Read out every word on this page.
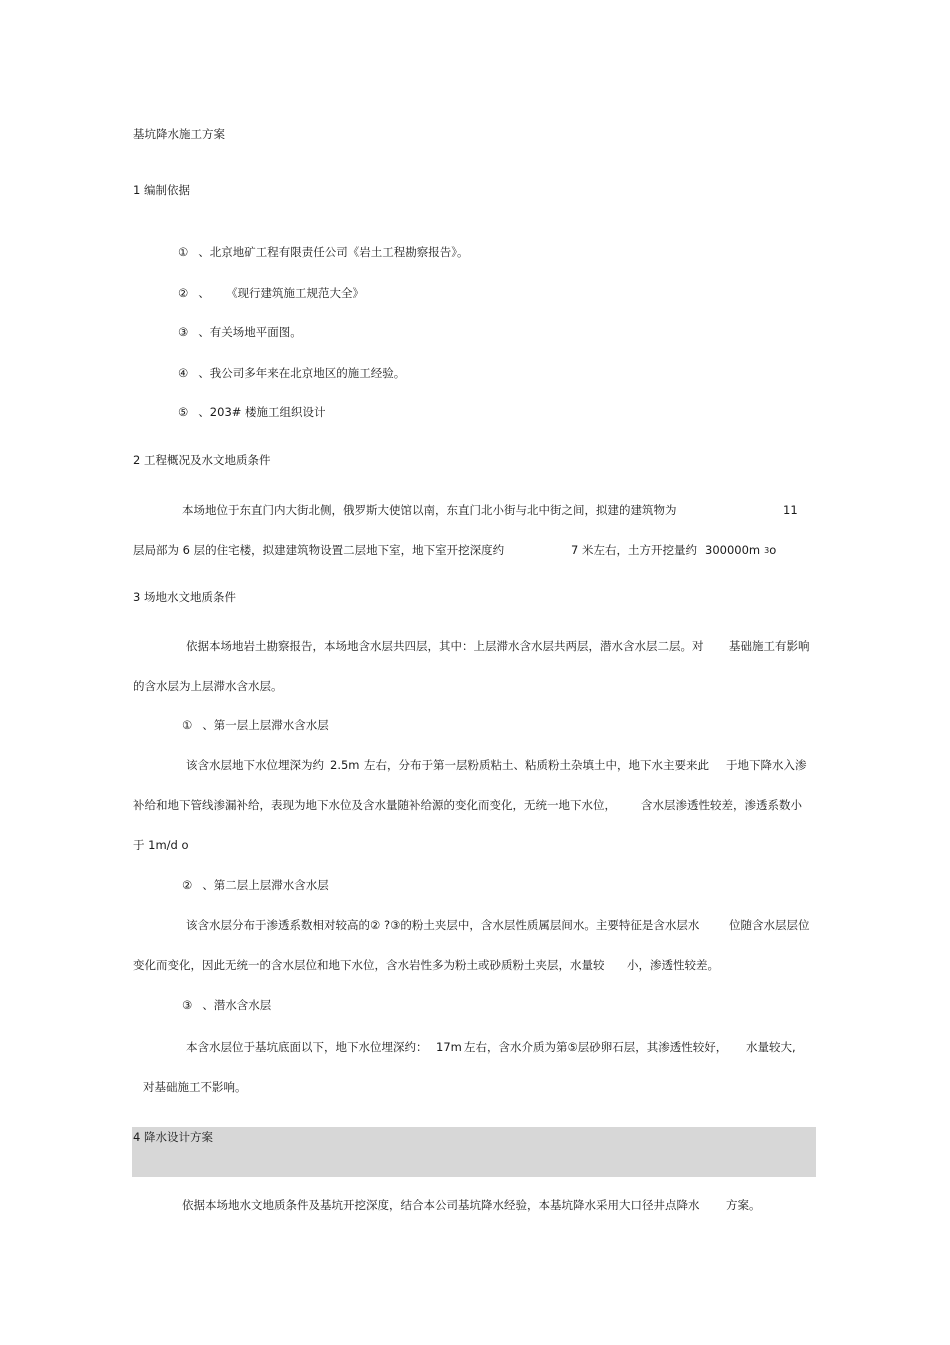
基坑降水施工方案
1 编制依据
① 、北京地矿工程有限责任公司《岩土工程勘察报告》。
② 、 《现行建筑施工规范大全》
③ 、有关场地平面图。
④ 、我公司多年来在北京地区的施工经验。
⑤ 、203# 楼施工组织设计
2 工程概况及水文地质条件
本场地位于东直门内大街北侧，俄罗斯大使馆以南，东直门北小街与北中街之间，拟建的建筑物为	11
层局部为 6 层的住宅楼，拟建建筑物设置二层地下室，地下室开挖深度约	7 米左右，土方开挖量约 300000m 3o
3 场地水文地质条件
依据本场地岩土勘察报告，本场地含水层共四层，其中：上层滞水含水层共两层，潜水含水层二层。对 基础施工有影响
的含水层为上层滞水含水层。
① 、第一层上层滞水含水层
该含水层地下水位埋深为约 2.5m 左右，分布于第一层粉质粘土、粘质粉土杂填土中，地下水主要来此 于地下降水入渗
补给和地下管线渗漏补给，表现为地下水位及含水量随补给源的变化而变化，无统一地下水位， 含水层渗透性较差，渗透系数小
于 1m/d o
② 、第二层上层滞水含水层
该含水层分布于渗透系数相对较高的② ?③的粉土夹层中，含水层性质属层间水。主要特征是含水层水	位随含水层层位
变化而变化，因此无统一的含水层位和地下水位，含水岩性多为粉土或砂质粉土夹层，水量较 小，渗透性较差。
③ 、潜水含水层
本含水层位于基坑底面以下，地下水位埋深约： 17m 左右，含水介质为第⑤层砂卵石层，其渗透性较好， 水量较大,
对基础施工不影响。
4 降水设计方案
依据本场地水文地质条件及基坑开挖深度，结合本公司基坑降水经验，本基坑降水采用大口径井点降水 方案。
